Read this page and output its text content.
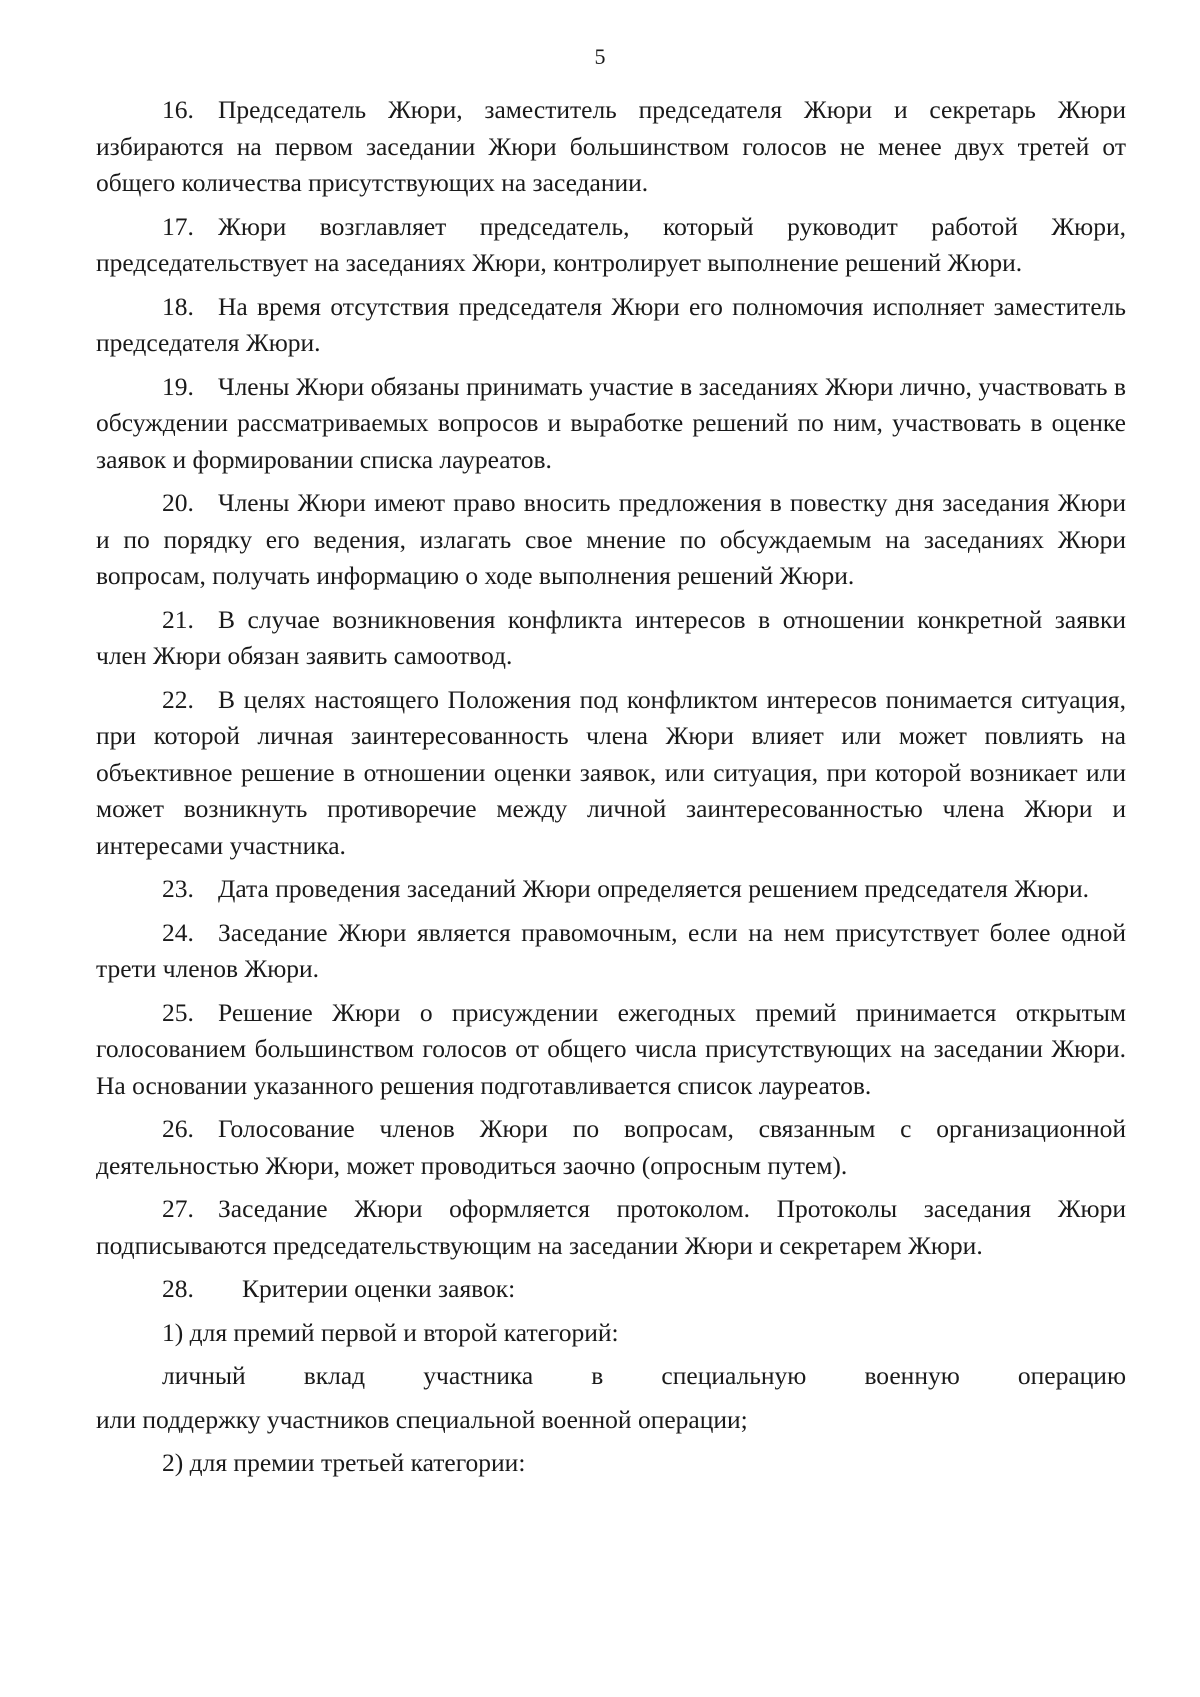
5

16. Председатель Жюри, заместитель председателя Жюри и секретарь Жюри избираются на первом заседании Жюри большинством голосов не менее двух третей от общего количества присутствующих на заседании.

17. Жюри возглавляет председатель, который руководит работой Жюри, председательствует на заседаниях Жюри, контролирует выполнение решений Жюри.

18. На время отсутствия председателя Жюри его полномочия исполняет заместитель председателя Жюри.

19. Члены Жюри обязаны принимать участие в заседаниях Жюри лично, участвовать в обсуждении рассматриваемых вопросов и выработке решений по ним, участвовать в оценке заявок и формировании списка лауреатов.

20. Члены Жюри имеют право вносить предложения в повестку дня заседания Жюри и по порядку его ведения, излагать свое мнение по обсуждаемым на заседаниях Жюри вопросам, получать информацию о ходе выполнения решений Жюри.

21. В случае возникновения конфликта интересов в отношении конкретной заявки член Жюри обязан заявить самоотвод.

22. В целях настоящего Положения под конфликтом интересов понимается ситуация, при которой личная заинтересованность члена Жюри влияет или может повлиять на объективное решение в отношении оценки заявок, или ситуация, при которой возникает или может возникнуть противоречие между личной заинтересованностью члена Жюри и интересами участника.

23. Дата проведения заседаний Жюри определяется решением председателя Жюри.

24. Заседание Жюри является правомочным, если на нем присутствует более одной трети членов Жюри.

25. Решение Жюри о присуждении ежегодных премий принимается открытым голосованием большинством голосов от общего числа присутствующих на заседании Жюри. На основании указанного решения подготавливается список лауреатов.

26. Голосование членов Жюри по вопросам, связанным с организационной деятельностью Жюри, может проводиться заочно (опросным путем).

27. Заседание Жюри оформляется протоколом. Протоколы заседания Жюри подписываются председательствующим на заседании Жюри и секретарем Жюри.

28. Критерии оценки заявок:

1) для премий первой и второй категорий:

личный вклад участника в специальную военную операцию

или поддержку участников специальной военной операции;

2) для премии третьей категории:
